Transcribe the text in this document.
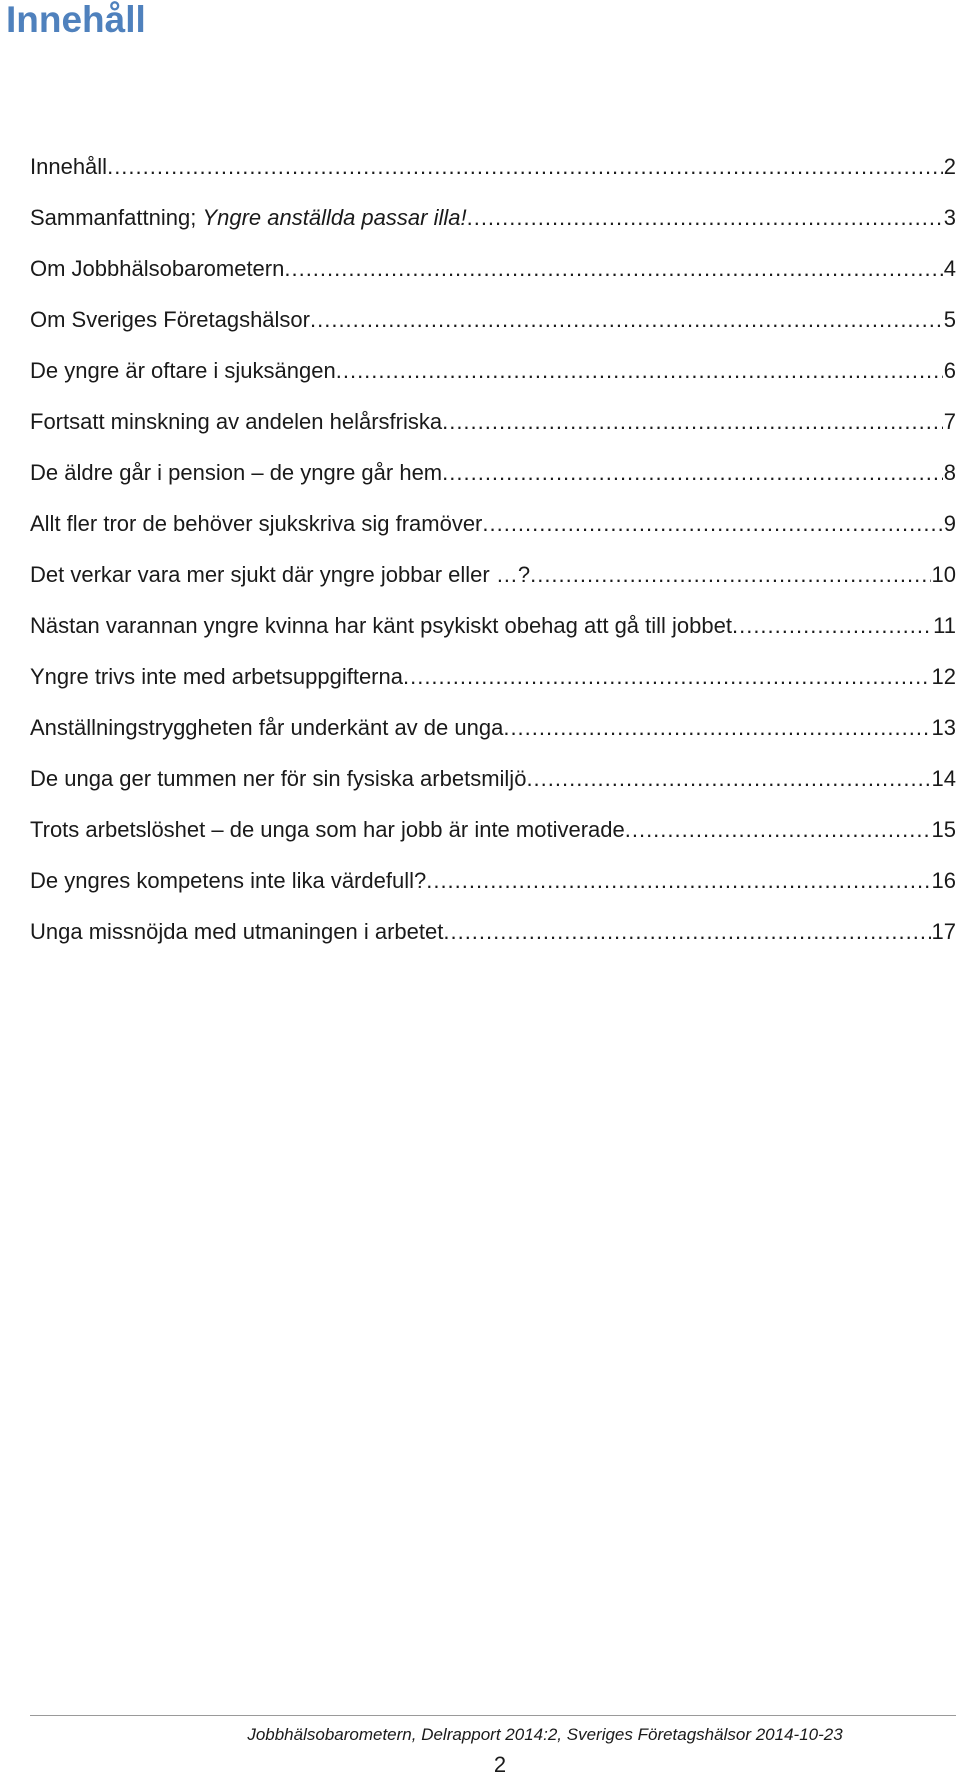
Innehåll
Innehåll .....	2
Sammanfattning; Yngre anställda passar illa! .....	3
Om Jobbhälsobarometern .....	4
Om Sveriges Företagshälsor .....	5
De yngre är oftare i sjuksängen .....	6
Fortsatt minskning av andelen helårsfriska .....	7
De äldre går i pension – de yngre går hem .....	8
Allt fler tror de behöver sjukskriva sig framöver .....	9
Det verkar vara mer sjukt där yngre jobbar eller …? .....	10
Nästan varannan yngre kvinna har känt psykiskt obehag att gå till jobbet .....	11
Yngre trivs inte med arbetsuppgifterna .....	12
Anställningstryggheten får underkänt av de unga .....	13
De unga ger tummen ner för sin fysiska arbetsmiljö .....	14
Trots arbetslöshet – de unga som har jobb är inte motiverade .....	15
De yngres kompetens inte lika värdefull? .....	16
Unga missnöjda med utmaningen i arbetet .....	17
Jobbhälsobarometern, Delrapport 2014:2, Sveriges Företagshälsor 2014-10-23
2
